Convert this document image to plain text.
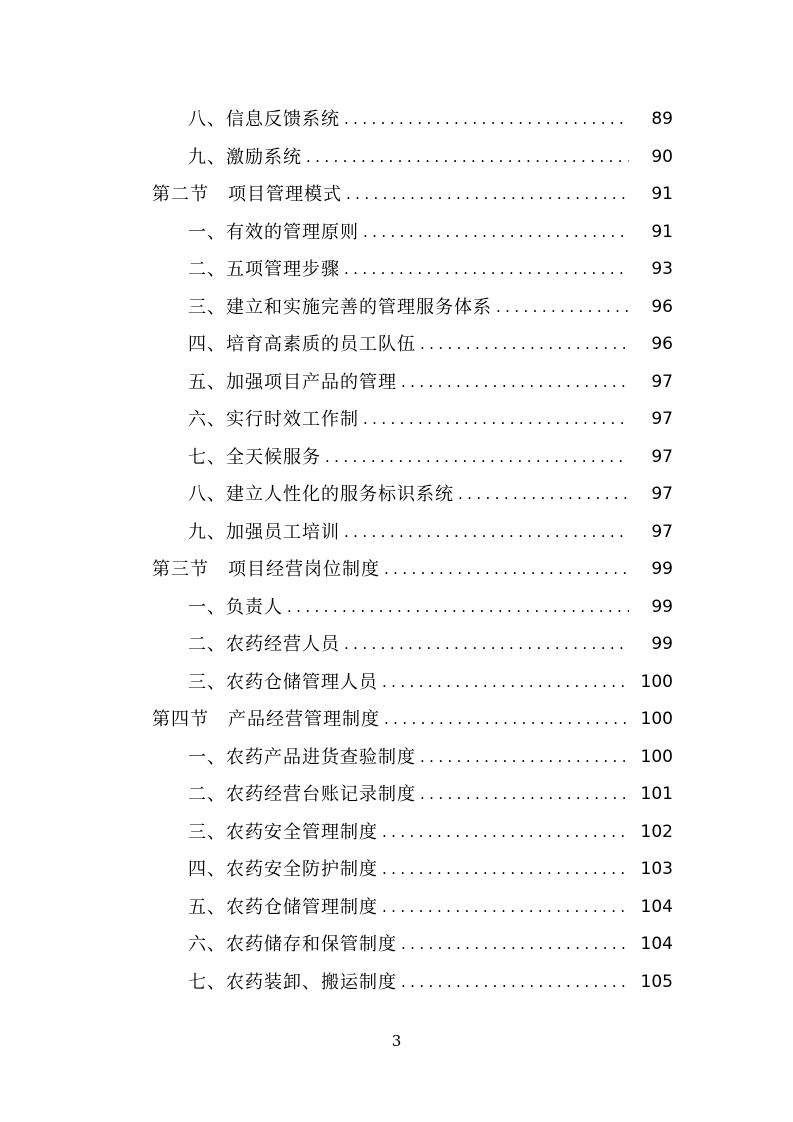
八、信息反馈系统 .....	89
九、激励系统 .....	90
第二节　项目管理模式 .....	91
一、有效的管理原则 .....	91
二、五项管理步骤 .....	93
三、建立和实施完善的管理服务体系 .....	96
四、培育高素质的员工队伍 .....	96
五、加强项目产品的管理 .....	97
六、实行时效工作制 .....	97
七、全天候服务 .....	97
八、建立人性化的服务标识系统 .....	97
九、加强员工培训 .....	97
第三节　项目经营岗位制度 .....	99
一、负责人 .....	99
二、农药经营人员 .....	99
三、农药仓储管理人员 .....	100
第四节　产品经营管理制度 .....	100
一、农药产品进货查验制度 .....	100
二、农药经营台账记录制度 .....	101
三、农药安全管理制度 .....	102
四、农药安全防护制度 .....	103
五、农药仓储管理制度 .....	104
六、农药储存和保管制度 .....	104
七、农药装卸、搬运制度 .....	105
3
